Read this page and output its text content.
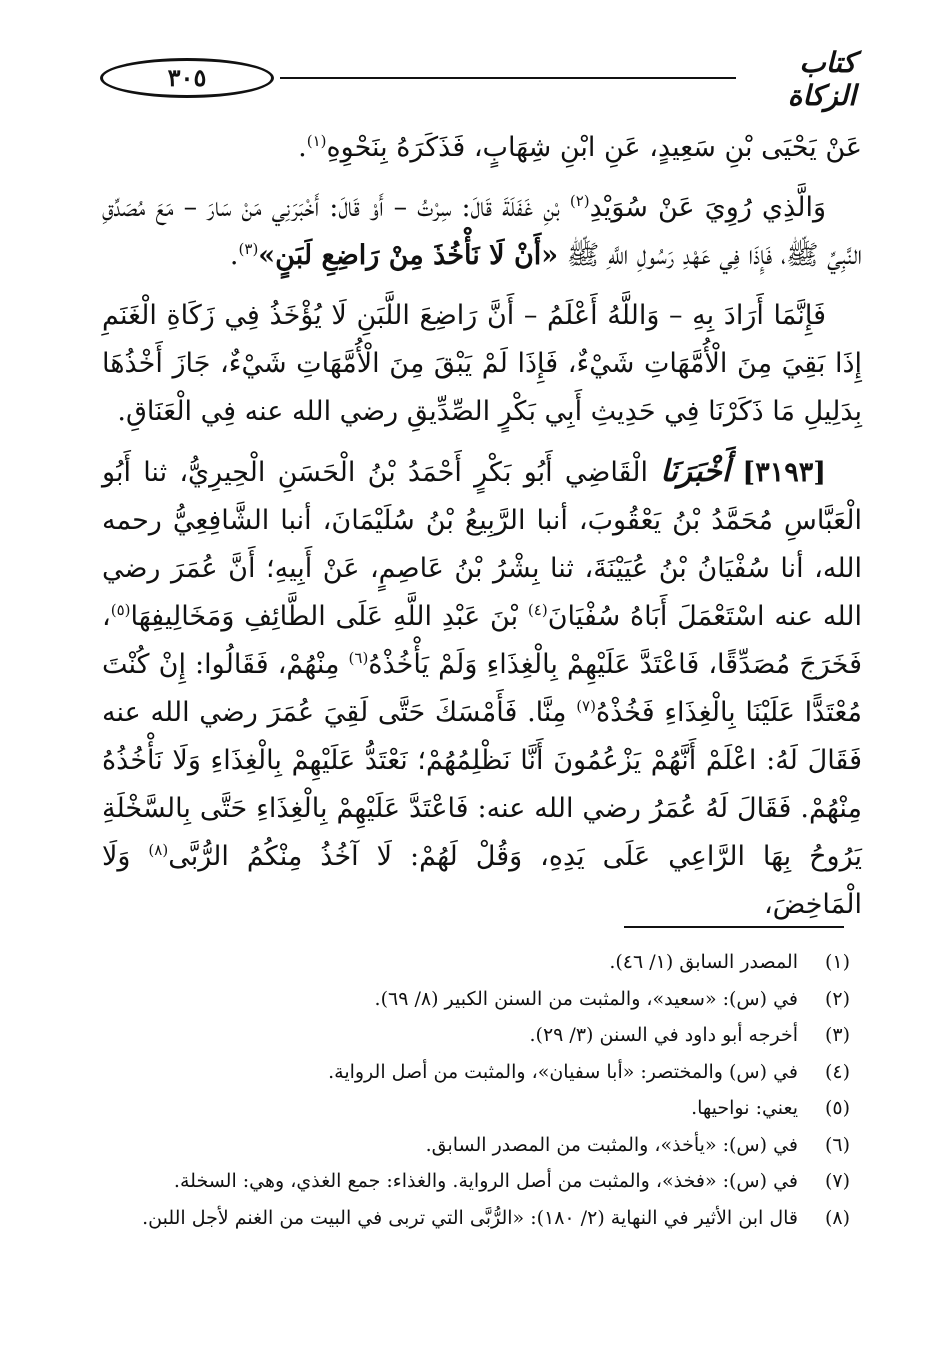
٣٠٥	كتاب الزكاة

عَنْ يَحْيَى بْنِ سَعِيدٍ، عَنِ ابْنِ شِهَابٍ، فَذَكَرَهُ بِنَحْوِهِ$^{(١)}$.

وَالَّذِي رُوِيَ عَنْ سُوَيْدِ$^{(٢)}$ بْنِ غَفَلَةَ قَالَ: سِرْتُ – أَوْ قَالَ: أَخْبَرَنِي مَنْ سَارَ – مَعَ مُصَدِّقِ النَّبِيِّ ﷺ، فَإِذَا فِي عَهْدِ رَسُولِ اللَّهِ ﷺ «أَنْ لَا نَأْخُذَ مِنْ رَاضِعِ لَبَنٍ»$^{(٣)}$.

فَإِنَّمَا أَرَادَ بِهِ – وَاللَّهُ أَعْلَمُ – أَنَّ رَاضِعَ اللَّبَنِ لَا يُؤْخَذُ فِي زَكَاةِ الْغَنَمِ إِذَا بَقِيَ مِنَ الْأُمَّهَاتِ شَيْءٌ، فَإِذَا لَمْ يَبْقَ مِنَ الْأُمَّهَاتِ شَيْءٌ، جَازَ أَخْذُهَا بِدَلِيلِ مَا ذَكَرْنَا فِي حَدِيثِ أَبِي بَكْرٍ الصِّدِّيقِ رضي الله عنه فِي الْعَنَاقِ.

[٣١٩٣] أَخْبَرَنَا الْقَاضِي أَبُو بَكْرٍ أَحْمَدُ بْنُ الْحَسَنِ الْحِيرِيُّ، ثنا أَبُو الْعَبَّاسِ مُحَمَّدُ بْنُ يَعْقُوبَ، أنبا الرَّبِيعُ بْنُ سُلَيْمَانَ، أنبا الشَّافِعِيُّ رحمه الله، أنا سُفْيَانُ بْنُ عُيَيْنَةَ، ثنا بِشْرُ بْنُ عَاصِمٍ، عَنْ أَبِيهِ؛ أَنَّ عُمَرَ رضي الله عنه اسْتَعْمَلَ أَبَاهُ سُفْيَانَ$^{(٤)}$ بْنَ عَبْدِ اللَّهِ عَلَى الطَّائِفِ وَمَخَالِيفِهَا$^{(٥)}$، فَخَرَجَ مُصَدِّقًا، فَاعْتَدَّ عَلَيْهِمْ بِالْغِذَاءِ وَلَمْ يَأْخُذْهُ$^{(٦)}$ مِنْهُمْ، فَقَالُوا: إِنْ كُنْتَ مُعْتَدًّا عَلَيْنَا بِالْغِذَاءِ فَخُذْهُ$^{(٧)}$ مِنَّا. فَأَمْسَكَ حَتَّى لَقِيَ عُمَرَ رضي الله عنه فَقَالَ لَهُ: اعْلَمْ أَنَّهُمْ يَزْعُمُونَ أَنَّا نَظْلِمُهُمْ؛ نَعْتَدُّ عَلَيْهِمْ بِالْغِذَاءِ وَلَا نَأْخُذُهُ مِنْهُمْ. فَقَالَ لَهُ عُمَرُ رضي الله عنه: فَاعْتَدَّ عَلَيْهِمْ بِالْغِذَاءِ حَتَّى بِالسَّخْلَةِ يَرُوحُ بِهَا الرَّاعِي عَلَى يَدِهِ، وَقُلْ لَهُمْ: لَا آخُذُ مِنْكُمُ الرُّبَّى$^{(٨)}$ وَلَا الْمَاخِضَ،

(١)
المصدر السابق (١/ ٤٦).
(٢)
في (س): «سعيد»، والمثبت من السنن الكبير (٨/ ٦٩).
(٣)
أخرجه أبو داود في السنن (٣/ ٢٩).
(٤)
في (س) والمختصر: «أبا سفيان»، والمثبت من أصل الرواية.
(٥)
يعني: نواحيها.
(٦)
في (س): «يأخذ»، والمثبت من المصدر السابق.
(٧)
في (س): «فخذ»، والمثبت من أصل الرواية. والغذاء: جمع الغذي، وهي: السخلة.
(٨)
قال ابن الأثير في النهاية (٢/ ١٨٠): «الرُّبَّى التي تربى في البيت من الغنم لأجل اللبن.
